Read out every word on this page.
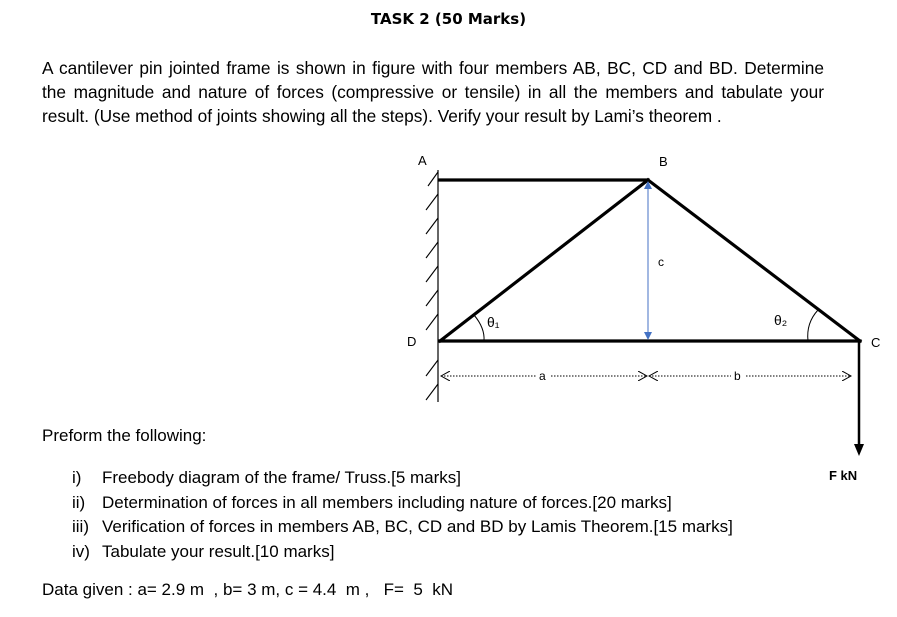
TASK 2 (50 Marks)

A cantilever pin jointed frame is shown in figure with four members AB, BC, CD and BD. Determine the magnitude and nature of forces (compressive or tensile) in all the members and tabulate your result. (Use method of joints showing all the steps). Verify your result by Lami’s theorem .

A	B
C
D
c
a	b
θ₁	θ₂
F kN
Preform the following:
i) Freebody diagram of the frame/ Truss.[5 marks]
ii) Determination of forces in all members including nature of forces.[20 marks]
iii) Verification of forces in members AB, BC, CD and BD by Lamis Theorem.[15 marks]
iv) Tabulate your result.[10 marks]
Data given : a= 2.9 m  , b= 3 m, c = 4.4  m ,   F=  5  kN
